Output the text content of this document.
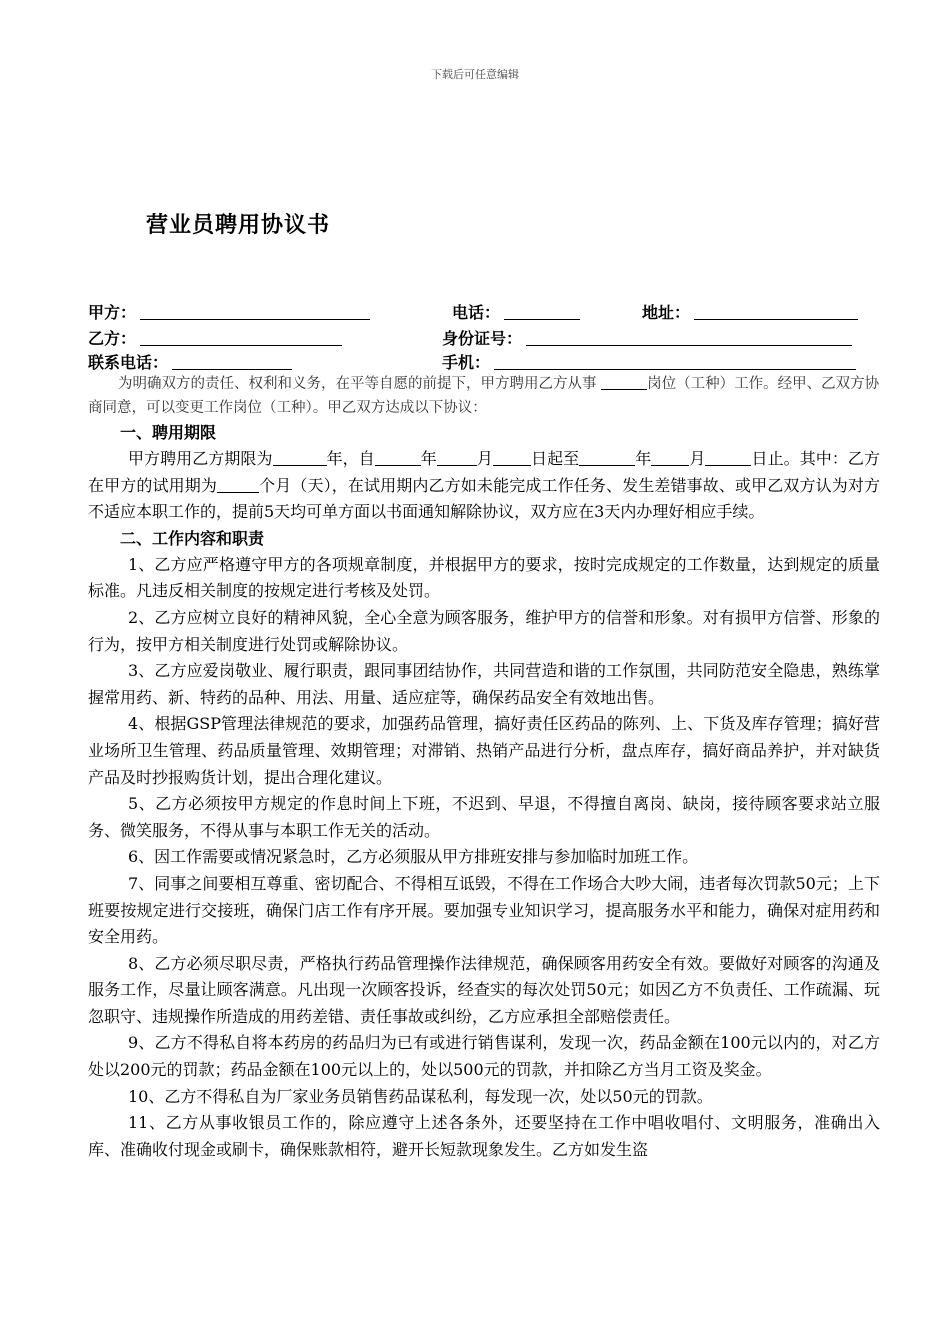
下载后可任意编辑
营业员聘用协议书
甲方：	电话：	地址：
乙方：	身份证号：
联系电话：	手机：

为明确双方的责任、权利和义务，在平等自愿的前提下，甲方聘用乙方从事	岗位（工种）工作。经甲、乙双方协商同意，可以变更工作岗位（工种）。甲乙双方达成以下协议：

一、聘用期限

甲方聘用乙方期限为	年，自	年	月 日起至	年 月	日止。其中：乙方在甲方的试用期为	个月（天），在试用期内乙方如未能完成工作任务、发生差错事故、或甲乙双方认为对方不适应本职工作的，提前5天均可单方面以书面通知解除协议，双方应在3天内办理好相应手续。

二、工作内容和职责

1、乙方应严格遵守甲方的各项规章制度，并根据甲方的要求，按时完成规定的工作数量，达到规定的质量标准。凡违反相关制度的按规定进行考核及处罚。

2、乙方应树立良好的精神风貌，全心全意为顾客服务，维护甲方的信誉和形象。对有损甲方信誉、形象的行为，按甲方相关制度进行处罚或解除协议。

3、乙方应爱岗敬业、履行职责，跟同事团结协作，共同营造和谐的工作氛围，共同防范安全隐患，熟练掌握常用药、新、特药的品种、用法、用量、适应症等，确保药品安全有效地出售。

4、根据GSP管理法律规范的要求，加强药品管理，搞好责任区药品的陈列、上、下货及库存管理；搞好营业场所卫生管理、药品质量管理、效期管理；对滞销、热销产品进行分析，盘点库存，搞好商品养护，并对缺货产品及时抄报购货计划，提出合理化建议。

5、乙方必须按甲方规定的作息时间上下班，不迟到、早退，不得擅自离岗、缺岗，接待顾客要求站立服务、微笑服务，不得从事与本职工作无关的活动。

6、因工作需要或情况紧急时，乙方必须服从甲方排班安排与参加临时加班工作。

7、同事之间要相互尊重、密切配合、不得相互诋毁，不得在工作场合大吵大闹，违者每次罚款50元；上下班要按规定进行交接班，确保门店工作有序开展。要加强专业知识学习，提高服务水平和能力，确保对症用药和安全用药。

8、乙方必须尽职尽责，严格执行药品管理操作法律规范，确保顾客用药安全有效。要做好对顾客的沟通及服务工作，尽量让顾客满意。凡出现一次顾客投诉，经查实的每次处罚50元；如因乙方不负责任、工作疏漏、玩忽职守、违规操作所造成的用药差错、责任事故或纠纷，乙方应承担全部赔偿责任。

9、乙方不得私自将本药房的药品归为已有或进行销售谋利，发现一次，药品金额在100元以内的，对乙方处以200元的罚款；药品金额在100元以上的，处以500元的罚款，并扣除乙方当月工资及奖金。

10、乙方不得私自为厂家业务员销售药品谋私利，每发现一次，处以50元的罚款。

11、乙方从事收银员工作的，除应遵守上述各条外，还要坚持在工作中唱收唱付、文明服务，准确出入库、准确收付现金或刷卡，确保账款相符，避开长短款现象发生。乙方如发生盗
